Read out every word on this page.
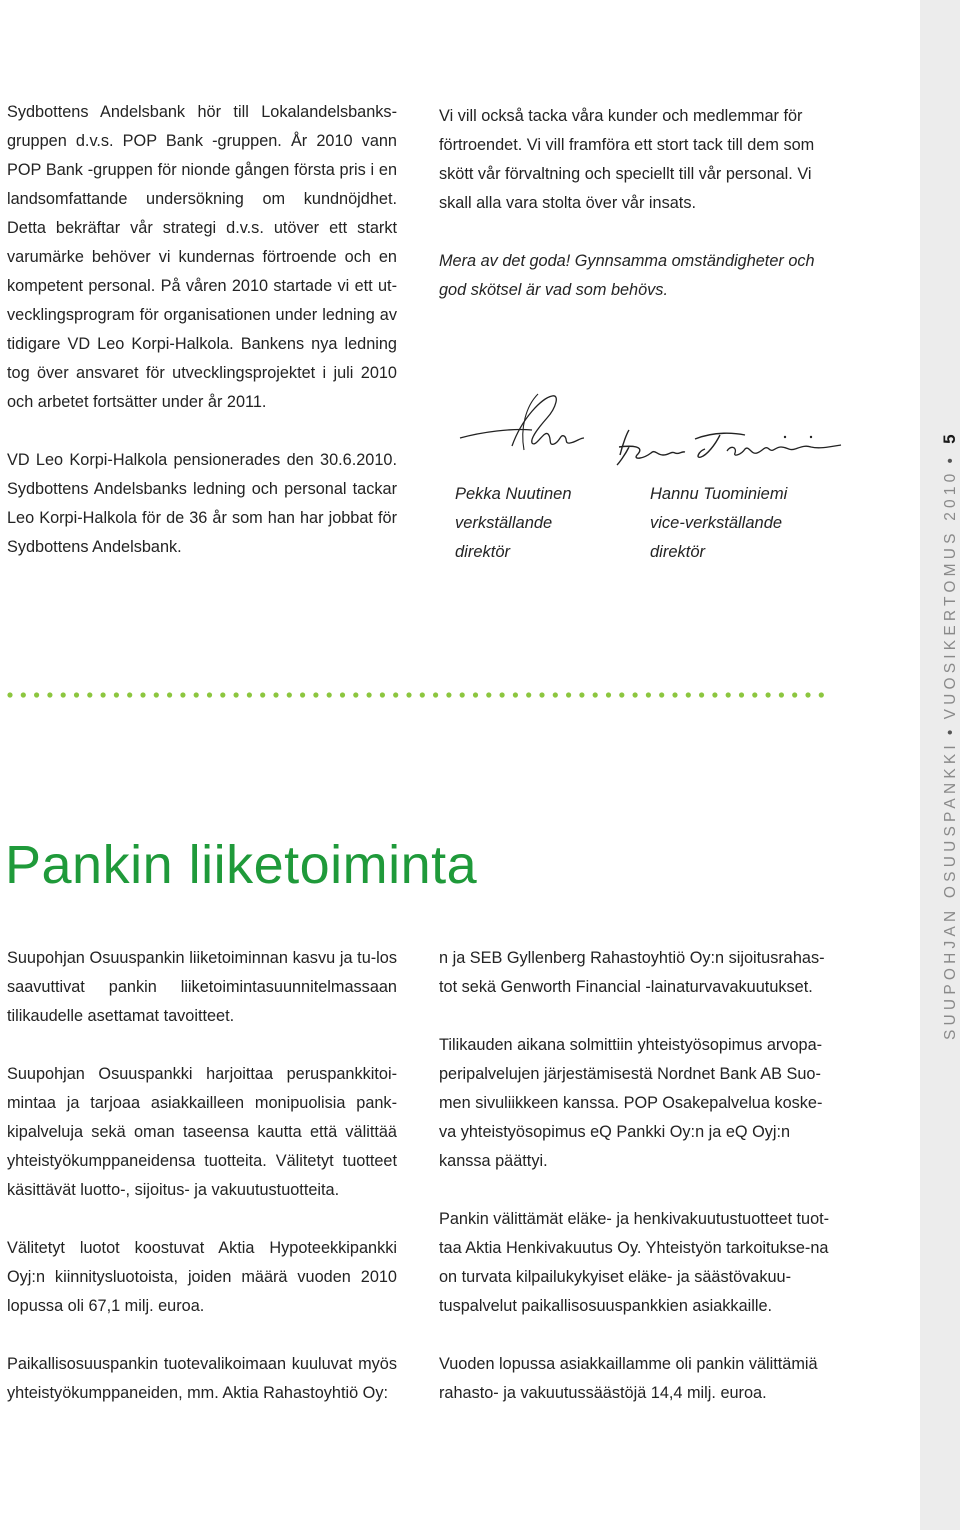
Sydbottens Andelsbank hör till Lokalandelsbanks-gruppen d.v.s. POP Bank -gruppen. År 2010 vann POP Bank -gruppen för nionde gången första pris i en landsomfattande undersökning om kundnöjdhet. Detta bekräftar vår strategi d.v.s. utöver ett starkt varumärke behöver vi kundernas förtroende och en kompetent personal. På våren 2010 startade vi ett ut-vecklingsprogram för organisationen under ledning av tidigare VD Leo Korpi-Halkola. Bankens nya ledning tog över ansvaret för utvecklingsprojektet i juli 2010 och arbetet fortsätter under år 2011.

VD Leo Korpi-Halkola pensionerades den 30.6.2010. Sydbottens Andelsbanks ledning och personal tackar Leo Korpi-Halkola för de 36 år som han har jobbat för Sydbottens Andelsbank.

Vi vill också tacka våra kunder och medlemmar för förtroendet. Vi vill framföra ett stort tack till dem som skött vår förvaltning och speciellt till vår personal. Vi skall alla vara stolta över vår insats.

Mera av det goda! Gynnsamma omständigheter och god skötsel är vad som behövs.

Pekka Nuutinen
verkställande
direktör
Hannu Tuominiemi
vice-verkställande
direktör
Pankin liiketoiminta

Suupohjan Osuuspankin liiketoiminnan kasvu ja tu-los saavuttivat pankin liiketoimintasuunnitelmassaan tilikaudelle asettamat tavoitteet.

Suupohjan Osuuspankki harjoittaa peruspankkitoi-mintaa ja tarjoaa asiakkailleen monipuolisia pank-kipalveluja sekä oman taseensa kautta että välittää yhteistyökumppaneidensa tuotteita. Välitetyt tuotteet käsittävät luotto-, sijoitus- ja vakuutustuotteita.

Välitetyt luotot koostuvat Aktia Hypoteekkipankki Oyj:n kiinnitysluotoista, joiden määrä vuoden 2010 lopussa oli 67,1 milj. euroa.

Paikallisosuuspankin tuotevalikoimaan kuuluvat myös yhteistyökumppaneiden, mm. Aktia Rahastoyhtiö Oy:

n ja SEB Gyllenberg Rahastoyhtiö Oy:n sijoitusrahas-tot sekä Genworth Financial -lainaturvavakuutukset.

Tilikauden aikana solmittiin yhteistyösopimus arvopa-peripalvelujen järjestämisestä Nordnet Bank AB Suo-men sivuliikkeen kanssa. POP Osakepalvelua koske-va yhteistyösopimus eQ Pankki Oy:n ja eQ Oyj:n kanssa päättyi.

Pankin välittämät eläke- ja henkivakuutustuotteet tuot-taa Aktia Henkivakuutus Oy. Yhteistyön tarkoitukse-na on turvata kilpailukykyiset eläke- ja säästövakuu-tuspalvelut paikallisosuuspankkien asiakkaille.

Vuoden lopussa asiakkaillamme oli pankin välittämiä rahasto- ja vakuutussäästöjä 14,4 milj. euroa.

SUUPOHJAN OSUUSPANKKI•VUOSIKERTOMUS 2010•5
